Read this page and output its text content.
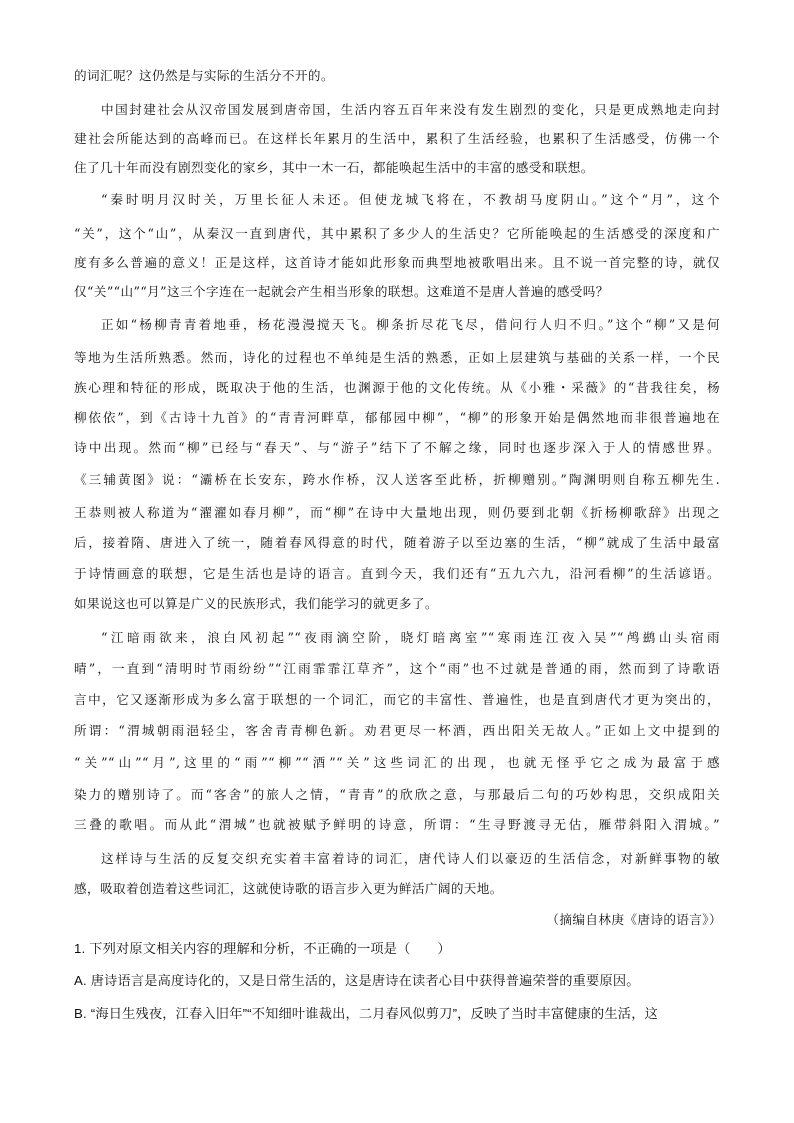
的词汇呢？这仍然是与实际的生活分不开的。
中国封建社会从汉帝国发展到唐帝国，生活内容五百年来没有发生剧烈的变化，只是更成熟地走向封
建社会所能达到的高峰而已。在这样长年累月的生活中，累积了生活经验，也累积了生活感受，仿佛一个
住了几十年而没有剧烈变化的家乡，其中一木一石，都能唤起生活中的丰富的感受和联想。
“秦时明月汉时关，万里长征人未还。但使龙城飞将在，不教胡马度阴山。”这个“月”，这个
“关”，这个“山”，从秦汉一直到唐代，其中累积了多少人的生活史？它所能唤起的生活感受的深度和广
度有多么普遍的意义！正是这样，这首诗才能如此形象而典型地被歌唱出来。且不说一首完整的诗，就仅
仅“关”“山”“月”这三个字连在一起就会产生相当形象的联想。这难道不是唐人普遍的感受吗？
正如“杨柳青青着地垂，杨花漫漫搅天飞。柳条折尽花飞尽，借问行人归不归。”这个“柳”又是何
等地为生活所熟悉。然而，诗化的过程也不单纯是生活的熟悉，正如上层建筑与基础的关系一样，一个民
族心理和特征的形成，既取决于他的生活，也渊源于他的文化传统。从《小雅・采薇》的“昔我往矣，杨
柳依依”，到《古诗十九首》的“青青河畔草，郁郁园中柳”，“柳”的形象开始是偶然地而非很普遍地在
诗中出现。然而“柳”已经与“春天”、与“游子”结下了不解之缘，同时也逐步深入于人的情感世界。
《三辅黄图》说：“灞桥在长安东，跨水作桥，汉人送客至此桥，折柳赠别。”陶渊明则自称五柳先生.
王恭则被人称道为“濯濯如春月柳”，而“柳”在诗中大量地出现，则仍要到北朝《折杨柳歌辞》出现之
后，接着隋、唐进入了统一，随着春风得意的时代，随着游子以至边塞的生活，“柳”就成了生活中最富
于诗情画意的联想，它是生活也是诗的语言。直到今天，我们还有“五九六九，沿河看柳”的生活谚语。
如果说这也可以算是广义的民族形式，我们能学习的就更多了。
“江暗雨欲来，浪白风初起”“夜雨滴空阶，晓灯暗离室”“寒雨连江夜入吴”“鸬鹚山头宿雨
晴”，一直到“清明时节雨纷纷”“江雨霏霏江草齐”，这个“雨”也不过就是普通的雨，然而到了诗歌语
言中，它又逐渐形成为多么富于联想的一个词汇，而它的丰富性、普遍性，也是直到唐代才更为突出的，
所谓：“渭城朝雨浥轻尘，客舍青青柳色新。劝君更尽一杯酒，西出阳关无故人。”正如上文中提到的
“关”“山”“月”,这里的“雨”“柳”“酒”“关”这些词汇的出现，也就无怪乎它之成为最富于感
染力的赠别诗了。而“客舍”的旅人之情，“青青”的欣欣之意，与那最后二句的巧妙构思，交织成阳关
三叠的歌唱。而从此“渭城”也就被赋予鲜明的诗意，所谓：“生寻野渡寻无估，雁带斜阳入渭城。”
这样诗与生活的反复交织充实着丰富着诗的词汇，唐代诗人们以豪迈的生活信念，对新鲜事物的敏
感，吸取着创造着这些词汇，这就使诗歌的语言步入更为鲜活广阔的天地。
（摘编自林庚《唐诗的语言》）
1. 下列对原文相关内容的理解和分析，不正确的一项是（　　）
A. 唐诗语言是高度诗化的，又是日常生活的，这是唐诗在读者心目中获得普遍荣誉的重要原因。
B. “海日生残夜，江春入旧年”“不知细叶谁裁出，二月春风似剪刀”，反映了当时丰富健康的生活，这
